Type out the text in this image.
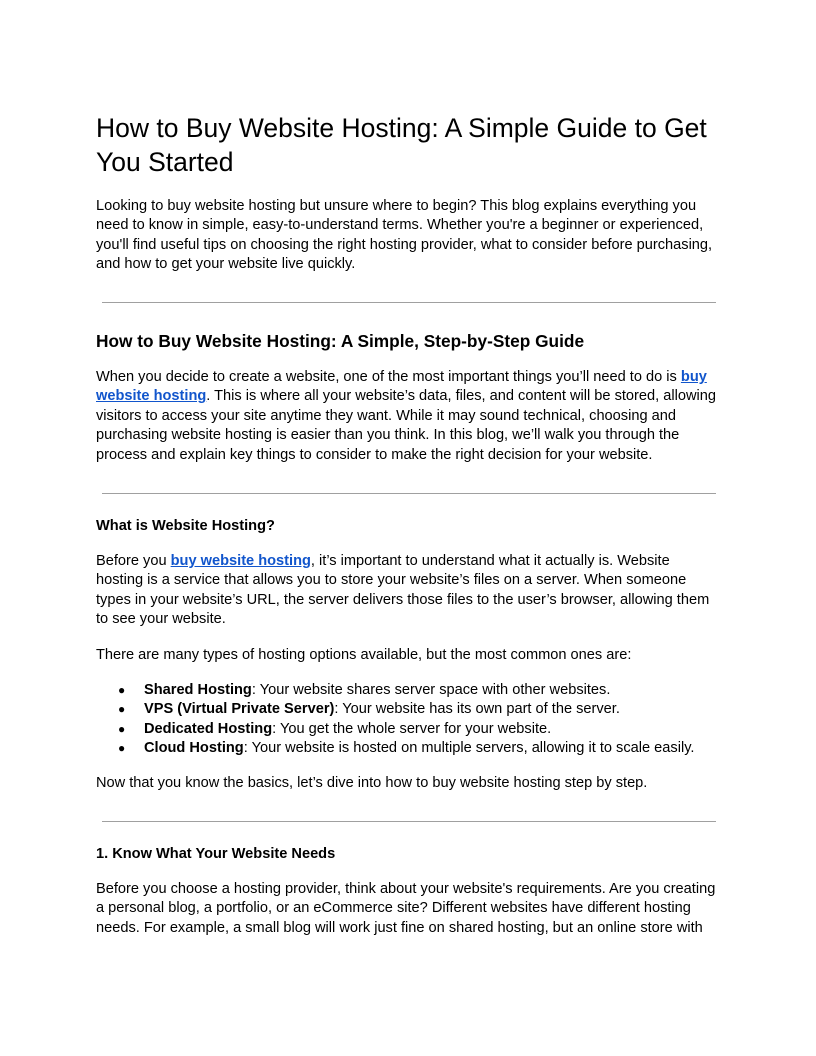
How to Buy Website Hosting: A Simple Guide to Get You Started

Looking to buy website hosting but unsure where to begin? This blog explains everything you need to know in simple, easy-to-understand terms. Whether you're a beginner or experienced, you'll find useful tips on choosing the right hosting provider, what to consider before purchasing, and how to get your website live quickly.

How to Buy Website Hosting: A Simple, Step-by-Step Guide

When you decide to create a website, one of the most important things you’ll need to do is buy website hosting. This is where all your website’s data, files, and content will be stored, allowing visitors to access your site anytime they want. While it may sound technical, choosing and purchasing website hosting is easier than you think. In this blog, we’ll walk you through the process and explain key things to consider to make the right decision for your website.

What is Website Hosting?

Before you buy website hosting, it’s important to understand what it actually is. Website hosting is a service that allows you to store your website’s files on a server. When someone types in your website’s URL, the server delivers those files to the user’s browser, allowing them to see your website.

There are many types of hosting options available, but the most common ones are:

● Shared Hosting: Your website shares server space with other websites.
● VPS (Virtual Private Server): Your website has its own part of the server.
● Dedicated Hosting: You get the whole server for your website.
● Cloud Hosting: Your website is hosted on multiple servers, allowing it to scale easily.

Now that you know the basics, let’s dive into how to buy website hosting step by step.

1. Know What Your Website Needs

Before you choose a hosting provider, think about your website's requirements. Are you creating a personal blog, a portfolio, or an eCommerce site? Different websites have different hosting needs. For example, a small blog will work just fine on shared hosting, but an online store with
